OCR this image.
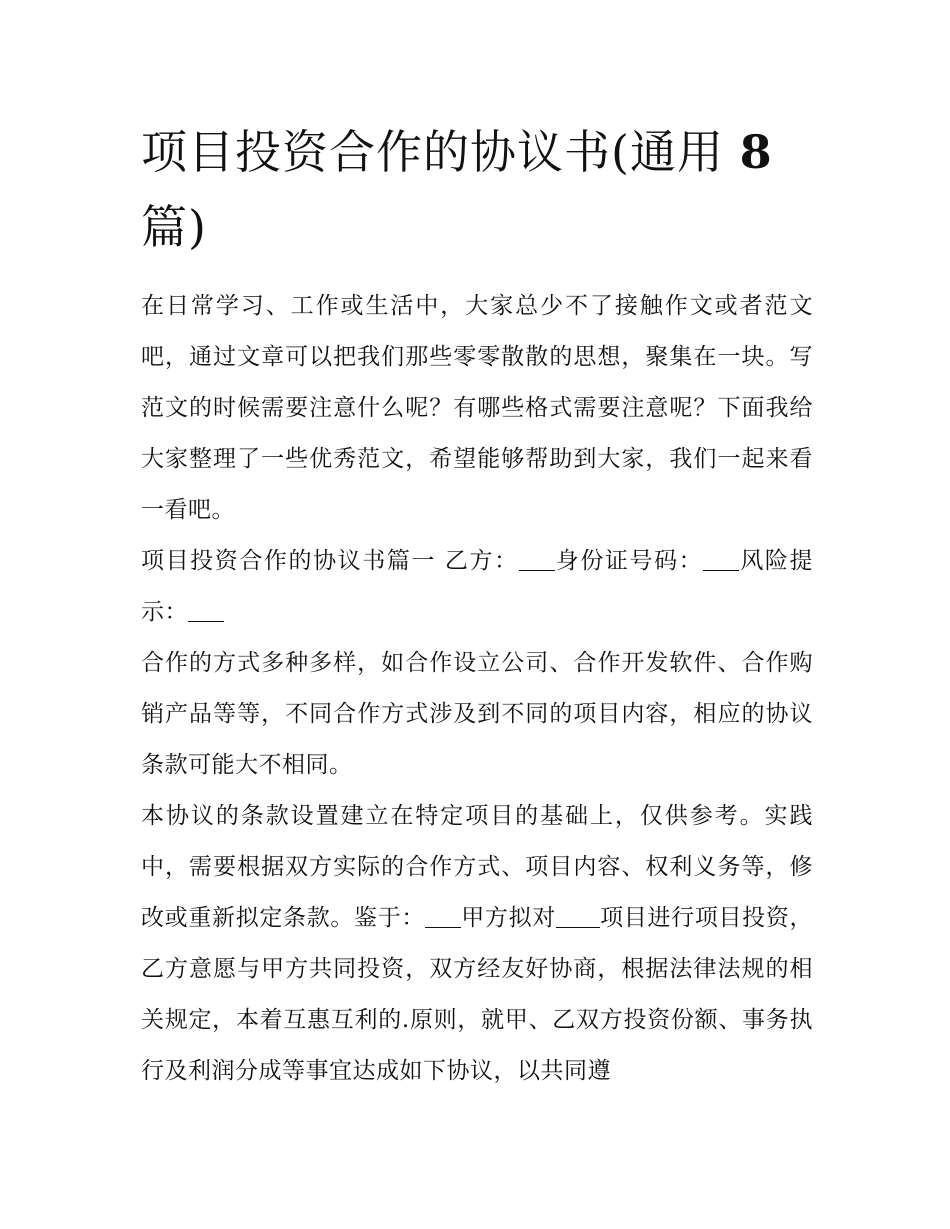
项目投资合作的协议书(通用 8
篇)

在日常学习、工作或生活中，大家总少不了接触作文或者范文吧，通过文章可以把我们那些零零散散的思想，聚集在一块。写范文的时候需要注意什么呢？有哪些格式需要注意呢？下面我给大家整理了一些优秀范文，希望能够帮助到大家，我们一起来看一看吧。

项目投资合作的协议书篇一 乙方： 身份证号码： 风险提示：

合作的方式多种多样，如合作设立公司、合作开发软件、合作购销产品等等，不同合作方式涉及到不同的项目内容，相应的协议条款可能大不相同。

本协议的条款设置建立在特定项目的基础上，仅供参考。实践中，需要根据双方实际的合作方式、项目内容、权利义务等，修改或重新拟定条款。鉴于： 甲方拟对 项目进行项目投资，乙方意愿与甲方共同投资，双方经友好协商，根据法律法规的相关规定，本着互惠互利的.原则，就甲、乙双方投资份额、事务执行及利润分成等事宜达成如下协议，以共同遵
